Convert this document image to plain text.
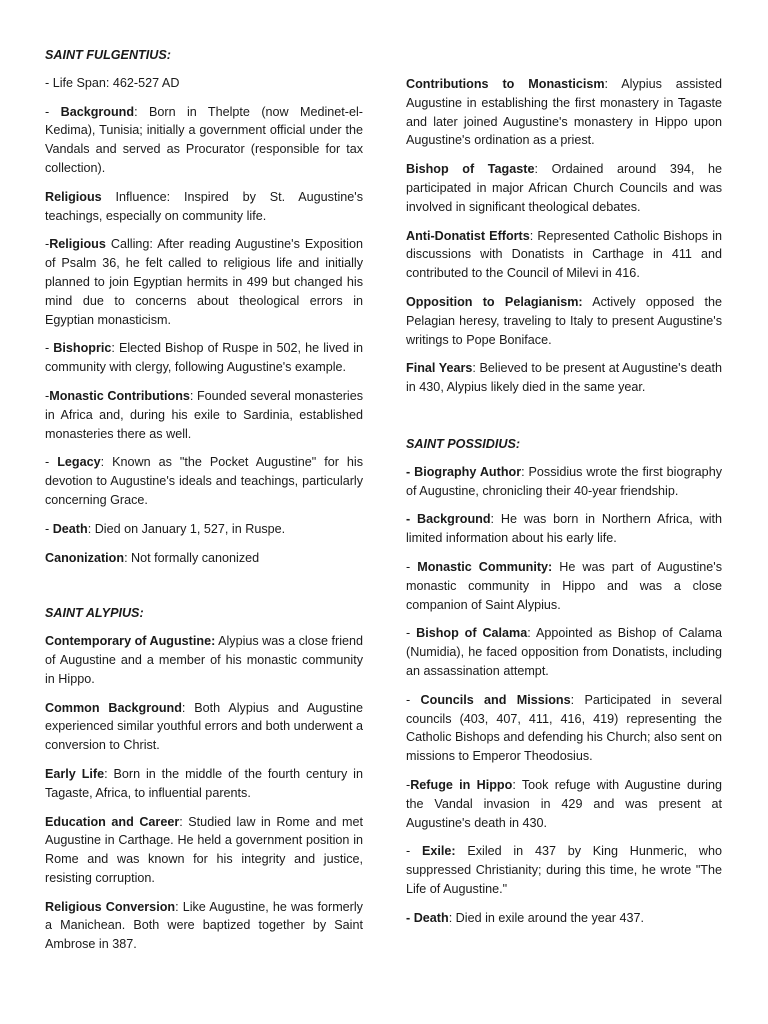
SAINT FULGENTIUS:

- Life Span: 462-527 AD

- Background: Born in Thelpte (now Medinet-el-Kedima), Tunisia; initially a government official under the Vandals and served as Procurator (responsible for tax collection).

Religious Influence: Inspired by St. Augustine's teachings, especially on community life.

-Religious Calling: After reading Augustine's Exposition of Psalm 36, he felt called to religious life and initially planned to join Egyptian hermits in 499 but changed his mind due to concerns about theological errors in Egyptian monasticism.

- Bishopric: Elected Bishop of Ruspe in 502, he lived in community with clergy, following Augustine's example.

-Monastic Contributions: Founded several monasteries in Africa and, during his exile to Sardinia, established monasteries there as well.

- Legacy: Known as "the Pocket Augustine" for his devotion to Augustine's ideals and teachings, particularly concerning Grace.

- Death: Died on January 1, 527, in Ruspe.

Canonization: Not formally canonized

SAINT ALYPIUS:

Contemporary of Augustine: Alypius was a close friend of Augustine and a member of his monastic community in Hippo.

Common Background: Both Alypius and Augustine experienced similar youthful errors and both underwent a conversion to Christ.

Early Life: Born in the middle of the fourth century in Tagaste, Africa, to influential parents.

Education and Career: Studied law in Rome and met Augustine in Carthage. He held a government position in Rome and was known for his integrity and justice, resisting corruption.

Religious Conversion: Like Augustine, he was formerly a Manichean. Both were baptized together by Saint Ambrose in 387.

Contributions to Monasticism: Alypius assisted Augustine in establishing the first monastery in Tagaste and later joined Augustine's monastery in Hippo upon Augustine's ordination as a priest.

Bishop of Tagaste: Ordained around 394, he participated in major African Church Councils and was involved in significant theological debates.

Anti-Donatist Efforts: Represented Catholic Bishops in discussions with Donatists in Carthage in 411 and contributed to the Council of Milevi in 416.

Opposition to Pelagianism: Actively opposed the Pelagian heresy, traveling to Italy to present Augustine's writings to Pope Boniface.

Final Years: Believed to be present at Augustine's death in 430, Alypius likely died in the same year.

SAINT POSSIDIUS:

- Biography Author: Possidius wrote the first biography of Augustine, chronicling their 40-year friendship.

- Background: He was born in Northern Africa, with limited information about his early life.

- Monastic Community: He was part of Augustine's monastic community in Hippo and was a close companion of Saint Alypius.

- Bishop of Calama: Appointed as Bishop of Calama (Numidia), he faced opposition from Donatists, including an assassination attempt.

- Councils and Missions: Participated in several councils (403, 407, 411, 416, 419) representing the Catholic Bishops and defending his Church; also sent on missions to Emperor Theodosius.

-Refuge in Hippo: Took refuge with Augustine during the Vandal invasion in 429 and was present at Augustine's death in 430.

- Exile: Exiled in 437 by King Hunmeric, who suppressed Christianity; during this time, he wrote "The Life of Augustine."

- Death: Died in exile around the year 437.
